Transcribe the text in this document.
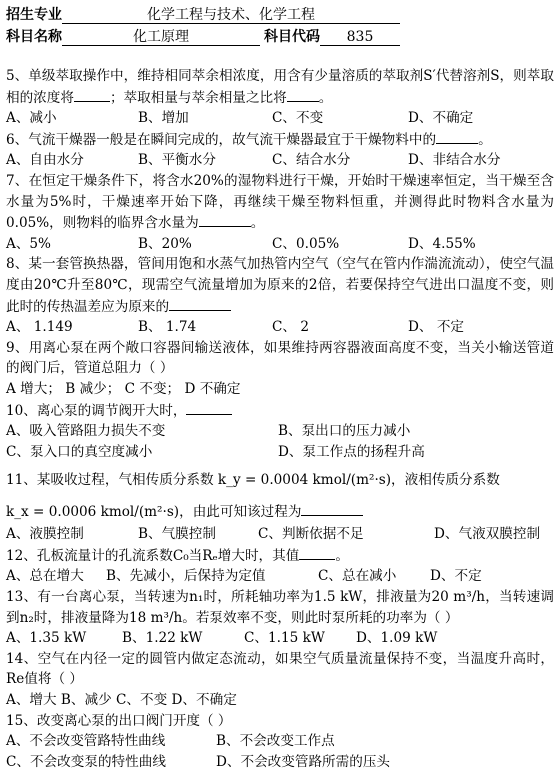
招生专业	化学工程与技术、化学工程
科目名称	化工原理	科目代码 835
5、单级萃取操作中，维持相同萃余相浓度，用含有少量溶质的萃取剂S′代替溶剂S，则萃取相的浓度将	；萃取相量与萃余相量之比将 。
A、减小	B、增加	C、不变	D、不确定
6、气流干燥器一般是在瞬间完成的，故气流干燥器最宜于干燥物料中的	。
A、自由水分	B、平衡水分	C、结合水分	D、非结合水分
7、在恒定干燥条件下，将含水20%的湿物料进行干燥，开始时干燥速率恒定，当干燥至含水量为5%时，干燥速率开始下降，再继续干燥至物料恒重，并测得此时物料含水量为0.05%，则物料的临界含水量为	。
A、5%	B、20%	C、0.05%	D、4.55%
8、某一套管换热器，管间用饱和水蒸气加热管内空气（空气在管内作湍流流动），使空气温度由20℃升至80℃，现需空气流量增加为原来的2倍，若要保持空气进出口温度不变，则此时的传热温差应为原来的
A、 1.149	B、 1.74	C、 2	D、 不定
9、用离心泵在两个敞口容器间输送液体，如果维持两容器液面高度不变，当关小输送管道的阀门后，管道总阻力（ ）
A 增大； B 减少； C 不变； D 不确定
10、离心泵的调节阀开大时，
A、吸入管路阻力损失不变	B、泵出口的压力减小
C、泵入口的真空度减小	D、泵工作点的扬程升高
11、某吸收过程，气相传质分系数 k_y = 0.0004 kmol/(m²·s)，液相传质分系数
k_x = 0.0006 kmol/(m²·s)，由此可知该过程为
A、液膜控制	B、气膜控制	C、判断依据不足	D、气液双膜控制
12、孔板流量计的孔流系数C₀当Rₑ增大时，其值	。
A、总在增大	B、先减小，后保持为定值	C、总在减小	D、不定
13、有一台离心泵，当转速为n₁时，所耗轴功率为1.5 kW，排液量为20 m³/h，当转速调到n₂时，排液量降为18 m³/h。若泵效率不变，则此时泵所耗的功率为（ ）
A、1.35 kW	B、1.22 kW	C、1.15 kW	D、1.09 kW
14、空气在内径一定的圆管内做定态流动，如果空气质量流量保持不变，当温度升高时，Re值将（ ）
A、增大 B、减少 C、不变 D、不确定
15、改变离心泵的出口阀门开度（ ）
A、不会改变管路特性曲线	B、不会改变工作点
C、不会改变泵的特性曲线	D、不会改变管路所需的压头
